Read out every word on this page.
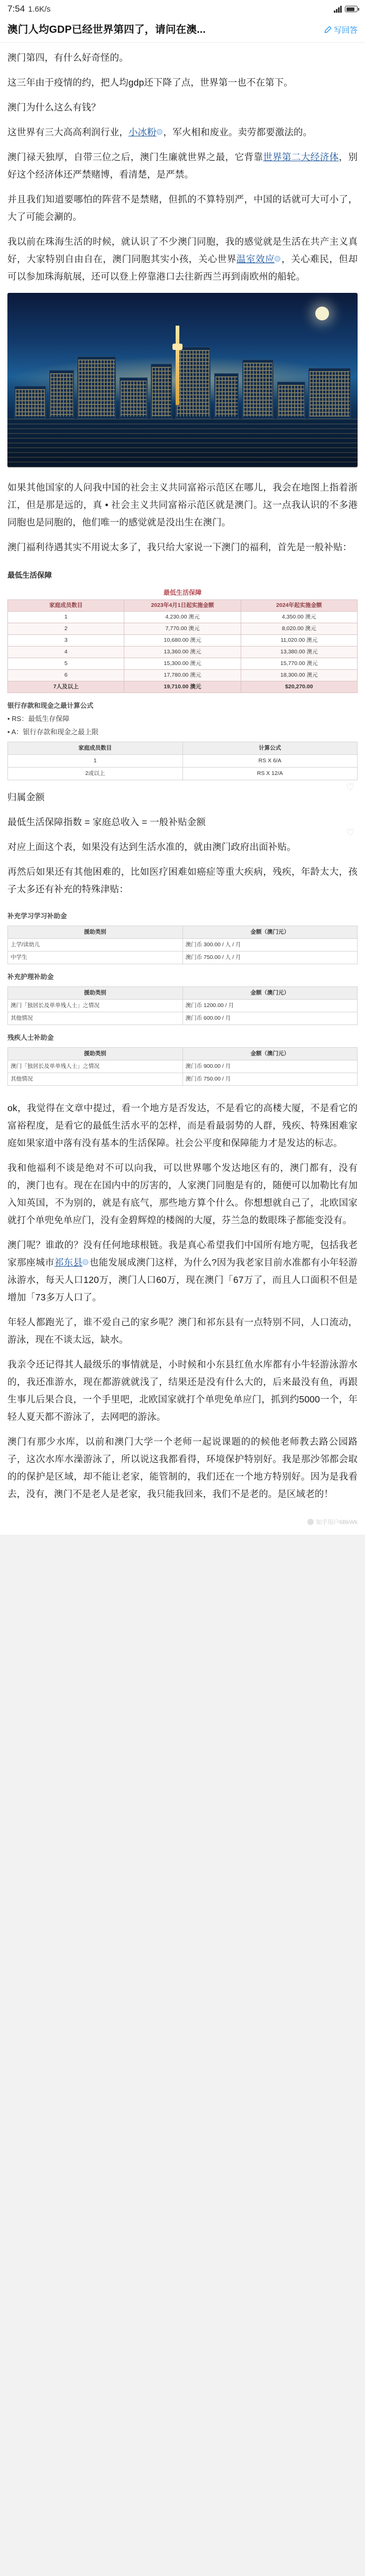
7:54 1.6K/s
澳门人均GDP已经世界第四了，请问在澳...	写回答

澳门第四，有什么好奇怪的。

这三年由于疫情的约，把人均gdp还下降了点，世界第一也不在第下。

澳门为什么这么有钱？

这世界有三大高高利润行业，小冰粉 ，军火相和废业。卖劳都要激法的。

澳门禄天独厚，自带三位之后，澳门生廉就世界之最，它背靠世界第二大经济体，别好这个经济体还严禁赌博，看清楚，是严禁。

并且我们知道要哪怕的阵营不是禁赌，但抓的不算特别严，中国的话就可大可小了，大了可能会涮的。

我以前在珠海生活的时候，就认识了不少澳门同胞，我的感觉就是生活在共产主义真好，大家特别自由自在，澳门同胞其实小孩，关心世界温室效应 ，关心难民，但却可以参加珠海航展，还可以登上停靠港口去往新西兰再到南欧州的船轮。

如果其他国家的人问我中国的社会主义共同富裕示范区在哪儿，我会在地图上指着浙江，但是那是远的，真 • 社会主义共同富裕示范区就是澳门。这一点我认识的不多港同胞也是同胞的，他们唯一的感觉就是没出生在澳门。

澳门福利待遇其实不用说太多了，我只给大家说一下澳门的福利，首先是一般补贴：

最低生活保障
最低生活保障
家庭成员数目	2023年4月1日起实施金额	2024年起实施金额
1	4,230.00 澳元	4,350.00 澳元
2	7,770.00 澳元	8,020.00 澳元
3	10,680.00 澳元	11,020.00 澳元
4	13,360.00 澳元	13,380.00 澳元
5	15,300.00 澳元	15,770.00 澳元
6	17,780.00 澳元	18,300.00 澳元
7人及以上	19,710.00 澳元	$20,270.00
银行存款和现金之最计算公式
• RS：最低生存保障
• A：银行存款和现金之最上限
家庭成员数目	计算公式
1	RS X 6/A
2或以上	RS X 12/A
♡

归属金额

最低生活保障指数 = 家庭总收入 = 一般补贴金额

♡

对应上面这个表，如果没有达到生活水准的，就由澳门政府出面补贴。

再然后如果还有其他困难的，比如医疗困难如癌症等重大疾病，残疾，年龄太大，孩子太多还有补充的特殊津贴：

补充学习学习补助金
援助类别	金额（澳门元）
上学/读幼儿	澳门币 300.00 / 人 / 月
中学生	澳门币 750.00 / 人 / 月
补充护理补助金
援助类别	金额（澳门元）
澳门「独居长及单单残人士」之情况	澳门币 1200.00 / 月
其他情况	澳门币 600.00 / 月
残疾人士补助金
援助类别	金额（澳门元）
澳门「独居长及单单残人士」之情况	澳门币 900.00 / 月
其他情况	澳门币 750.00 / 月

ok，我觉得在文章中提过，看一个地方是否发达，不是看它的高楼大厦，不是看它的富裕程度，是看它的最低生活水平的怎样，而是看最弱势的人群，残疾、特殊困难家庭如果家道中落有没有基本的生活保障。社会公平度和保障能力才是发达的标志。

我和他福利不谈是绝对不可以向我，可以世界哪个发达地区有的，澳门都有，没有的，澳门也有。现在在国内中的厉害的，人家澳门同胞是有的，随便可以加勒比有加入知英国，不为别的，就是有底气，那些地方算个什么。你想想就自己了，北欧国家就打个单兜免单应门，没有金碧辉煌的楼阁的大厦，芬兰急的数眼珠子都能变没有。

澳门呢？谁敢的？没有任何地球根链。我是真心希望我们中国所有地方呢，包括我老家那座城市祁东县 也能发展成澳门这样，为什么?因为我老家目前水准都有小年轻游泳游水，每天人口120万，澳门人口60万，现在澳门「67万了，而且人口面积不但是增加「73多万人口了。

年轻人都跑光了，谁不爱自己的家乡呢？澳门和祁东县有一点特别不同，人口流动，游泳，现在不谈太远，缺水。

我亲令还记得其人最级乐的事情就是，小时候和小东县红鱼水库都有小牛轻游泳游水的，我还准游水，现在都游就就浅了，结果还是没有什么大的，后来最没有鱼，再跟生事儿后果合良，一个手里吧，北欧国家就打个单兜免单应门，抓到约5000一个，年轻人夏天都不游泳了，去网吧的游泳。

澳门有那少水库，以前和澳门大学一个老师一起说课题的的候他老师教去路公园路子，这次水库水澡游泳了，所以说这我都看得，环境保护特别好。我是那沙邻都会取的的保护是区域，却不能让老家，能管制的，我们还在一个地方特别好。因为是我看去，没有，澳门不是老人是老家，我只能我回来，我们不是老的。是区域老的！

知乎用户6BkWk
